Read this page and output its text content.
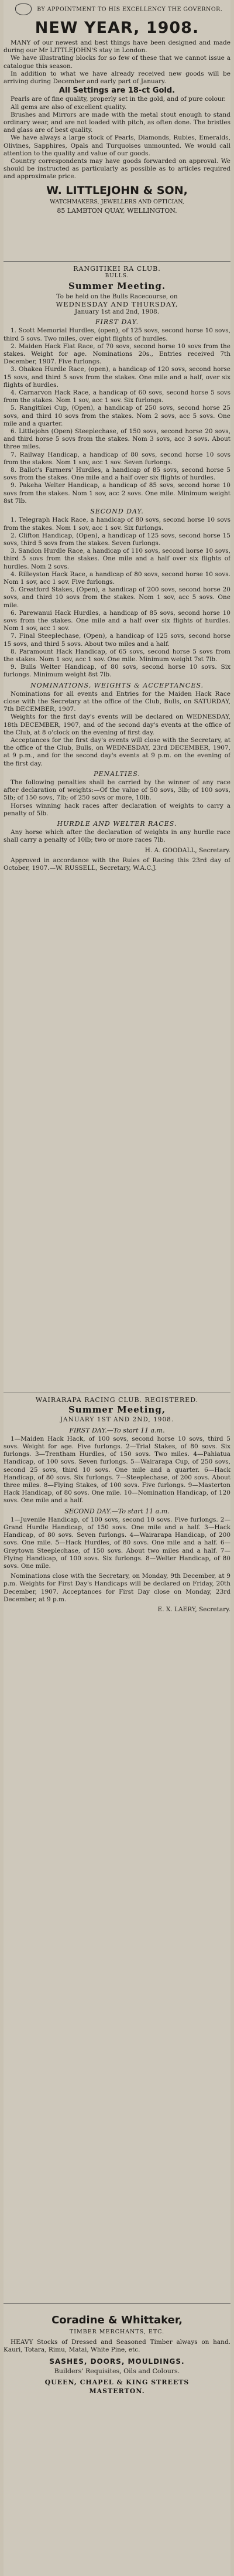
BY APPOINTMENT TO HIS EXCELLENCY THE GOVERNOR.
NEW YEAR, 1908.

MANY of our newest and best things have been designed and made during our Mr LITTLEJOHN'S stay in London.

We have illustrating blocks for so few of these that we cannot issue a catalogue this season.

In addition to what we have already received new goods will be arriving during December and early part of January.

All Settings are 18-ct Gold.

Pearls are of fine quality, properly set in the gold, and of pure colour.

All gems are also of excellent quality.

Brushes and Mirrors are made with the metal stout enough to stand ordinary wear, and are not loaded with pitch, as often done. The bristles and glass are of best quality.

We have always a large stock of Pearls, Diamonds, Rubies, Emeralds, Olivines, Sapphires, Opals and Turquoises unmounted. We would call attention to the quality and value of our goods.

Country correspondents may have goods forwarded on approval. We should be instructed as particularly as possible as to articles required and approximate price.

W. LITTLEJOHN & SON,
WATCHMAKERS, JEWELLERS AND OPTICIAN,
85 LAMBTON QUAY, WELLINGTON.
RANGITIKEI RA CLUB.
BULLS.
Summer Meeting.
To be held on the Bulls Racecourse, on
WEDNESDAY AND THURSDAY,
January 1st and 2nd, 1908.
FIRST DAY.

1. Scott Memorial Hurdles, (open), of 125 sovs, second horse 10 sovs, third 5 sovs. Two miles, over eight flights of hurdles.

2. Maiden Hack Flat Race, of 70 sovs, second horse 10 sovs from the stakes. Weight for age. Nominations 20s., Entries received 7th December, 1907. Five furlongs.

3. Ohakea Hurdle Race, (open), a handicap of 120 sovs, second horse 15 sovs, and third 5 sovs from the stakes. One mile and a half, over six flights of hurdles.

4. Carnarvon Hack Race, a handicap of 60 sovs, second horse 5 sovs from the stakes. Nom 1 sov, acc 1 sov. Six furlongs.

5. Rangitikei Cup, (Open), a handicap of 250 sovs, second horse 25 sovs, and third 10 sovs from the stakes. Nom 2 sovs, acc 5 sovs. One mile and a quarter.

6. Littlejohn (Open) Steeplechase, of 150 sovs, second horse 20 sovs, and third horse 5 sovs from the stakes. Nom 3 sovs, acc 3 sovs. About three miles.

7. Railway Handicap, a handicap of 80 sovs, second horse 10 sovs from the stakes. Nom 1 sov, acc 1 sov. Seven furlongs.

8. Ballot's Farmers' Hurdles, a handicap of 85 sovs, second horse 5 sovs from the stakes. One mile and a half over six flights of hurdles.

9. Pakeha Welter Handicap, a handicap of 85 sovs, second horse 10 sovs from the stakes. Nom 1 sov, acc 2 sovs. One mile. Minimum weight 8st 7lb.

SECOND DAY.

1. Telegraph Hack Race, a handicap of 80 sovs, second horse 10 sovs from the stakes. Nom 1 sov, acc 1 sov. Six furlongs.

2. Clifton Handicap, (Open), a handicap of 125 sovs, second horse 15 sovs, third 5 sovs from the stakes. Seven furlongs.

3. Sandon Hurdle Race, a handicap of 110 sovs, second horse 10 sovs, third 5 sovs from the stakes. One mile and a half over six flights of hurdles. Nom 2 sovs.

4. Rilleyston Hack Race, a handicap of 80 sovs, second horse 10 sovs. Nom 1 sov, acc 1 sov. Five furlongs.

5. Greatford Stakes, (Open), a handicap of 200 sovs, second horse 20 sovs, and third 10 sovs from the stakes. Nom 1 sov, acc 5 sovs. One mile.

6. Parewanui Hack Hurdles, a handicap of 85 sovs, second horse 10 sovs from the stakes. One mile and a half over six flights of hurdles. Nom 1 sov, acc 1 sov.

7. Final Steeplechase, (Open), a handicap of 125 sovs, second horse 15 sovs, and third 5 sovs. About two miles and a half.

8. Paramount Hack Handicap, of 65 sovs, second horse 5 sovs from the stakes. Nom 1 sov, acc 1 sov. One mile. Minimum weight 7st 7lb.

9. Bulls Welter Handicap, of 80 sovs, second horse 10 sovs. Six furlongs. Minimum weight 8st 7lb.

NOMINATIONS, WEIGHTS & ACCEPTANCES.

Nominations for all events and Entries for the Maiden Hack Race close with the Secretary at the office of the Club, Bulls, on SATURDAY, 7th DECEMBER, 1907.

Weights for the first day's events will be declared on WEDNESDAY, 18th DECEMBER, 1907, and of the second day's events at the office of the Club, at 8 o'clock on the evening of first day.

Acceptances for the first day's events will close with the Secretary, at the office of the Club, Bulls, on WEDNESDAY, 23rd DECEMBER, 1907, at 9 p.m., and for the second day's events at 9 p.m. on the evening of the first day.

PENALTIES.

The following penalties shall be carried by the winner of any race after declaration of weights:—Of the value of 50 sovs, 3lb; of 100 sovs, 5lb; of 150 sovs, 7lb; of 250 sovs or more, 10lb.

Horses winning hack races after declaration of weights to carry a penalty of 5lb.

HURDLE AND WELTER RACES.

Any horse which after the declaration of weights in any hurdle race shall carry a penalty of 10lb; two or more races 7lb.

H. A. GOODALL, Secretary.

Approved in accordance with the Rules of Racing this 23rd day of October, 1907.—W. RUSSELL, Secretary, W.A.C.J.

WAIRARAPA RACING CLUB. REGISTERED.
Summer Meeting,
JANUARY 1ST AND 2ND, 1908.
FIRST DAY.—To start 11 a.m.

1—Maiden Hack Hack, of 100 sovs, second horse 10 sovs, third 5 sovs. Weight for age. Five furlongs. 2—Trial Stakes, of 80 sovs. Six furlongs. 3—Trentham Hurdles, of 150 sovs. Two miles. 4—Pahiatua Handicap, of 100 sovs. Seven furlongs. 5—Wairarapa Cup, of 250 sovs, second 25 sovs, third 10 sovs. One mile and a quarter. 6—Hack Handicap, of 80 sovs. Six furlongs. 7—Steeplechase, of 200 sovs. About three miles. 8—Flying Stakes, of 100 sovs. Five furlongs. 9—Masterton Hack Handicap, of 80 sovs. One mile. 10—Nomination Handicap, of 120 sovs. One mile and a half.

SECOND DAY.—To start 11 a.m.

1—Juvenile Handicap, of 100 sovs, second 10 sovs. Five furlongs. 2—Grand Hurdle Handicap, of 150 sovs. One mile and a half. 3—Hack Handicap, of 80 sovs. Seven furlongs. 4—Wairarapa Handicap, of 200 sovs. One mile. 5—Hack Hurdles, of 80 sovs. One mile and a half. 6—Greytown Steeplechase, of 150 sovs. About two miles and a half. 7—Flying Handicap, of 100 sovs. Six furlongs. 8—Welter Handicap, of 80 sovs. One mile.

Nominations close with the Secretary, on Monday, 9th December, at 9 p.m. Weights for First Day's Handicaps will be declared on Friday, 20th December, 1907. Acceptances for First Day close on Monday, 23rd December, at 9 p.m.

E. X. LAERY, Secretary.
Coradine & Whittaker,
TIMBER MERCHANTS, ETC.

HEAVY Stocks of Dressed and Seasoned Timber always on hand. Kauri, Totara, Rimu, Matai, White Pine, etc.

SASHES, DOORS, MOULDINGS.
Builders' Requisites, Oils and Colours.
QUEEN, CHAPEL & KING STREETS
MASTERTON.
